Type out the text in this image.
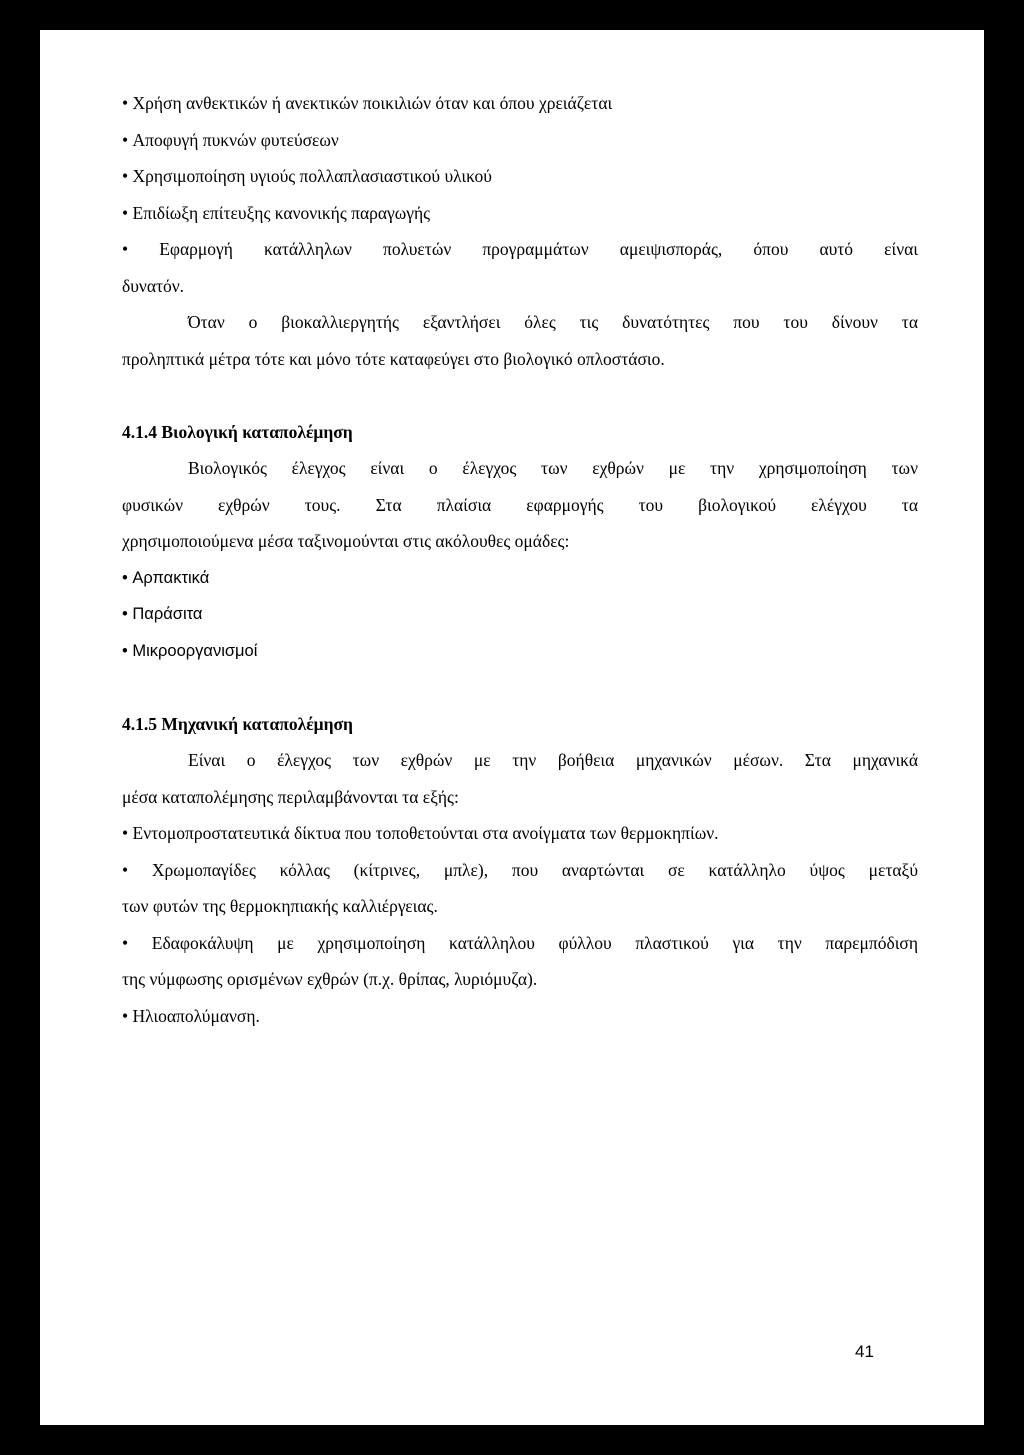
• Χρήση ανθεκτικών ή ανεκτικών ποικιλιών όταν και όπου χρειάζεται
• Αποφυγή πυκνών φυτεύσεων
• Χρησιμοποίηση υγιούς πολλαπλασιαστικού υλικού
• Επιδίωξη επίτευξης κανονικής παραγωγής
• Εφαρμογή κατάλληλων πολυετών προγραμμάτων αμειψισποράς, όπου αυτό είναι
δυνατόν.
Όταν ο βιοκαλλιεργητής εξαντλήσει όλες τις δυνατότητες που του δίνουν τα
προληπτικά μέτρα τότε και μόνο τότε καταφεύγει στο βιολογικό οπλοστάσιο.
4.1.4 Βιολογική καταπολέμηση
Βιολογικός έλεγχος είναι ο έλεγχος των εχθρών με την χρησιμοποίηση των
φυσικών εχθρών τους. Στα πλαίσια εφαρμογής του βιολογικού ελέγχου τα
χρησιμοποιούμενα μέσα ταξινομούνται στις ακόλουθες ομάδες:
• Αρπακτικά
• Παράσιτα
• Μικροοργανισμοί
4.1.5 Μηχανική καταπολέμηση
Είναι ο έλεγχος των εχθρών με την βοήθεια μηχανικών μέσων. Στα μηχανικά
μέσα καταπολέμησης περιλαμβάνονται τα εξής:
• Εντομοπροστατευτικά δίκτυα που τοποθετούνται στα ανοίγματα των θερμοκηπίων.
• Χρωμοπαγίδες κόλλας (κίτρινες, μπλε), που αναρτώνται σε κατάλληλο ύψος μεταξύ
των φυτών της θερμοκηπιακής καλλιέργειας.
• Εδαφοκάλυψη με χρησιμοποίηση κατάλληλου φύλλου πλαστικού για την παρεμπόδιση
της νύμφωσης ορισμένων εχθρών (π.χ. θρίπας, λυριόμυζα).
• Ηλιοαπολύμανση.
41
